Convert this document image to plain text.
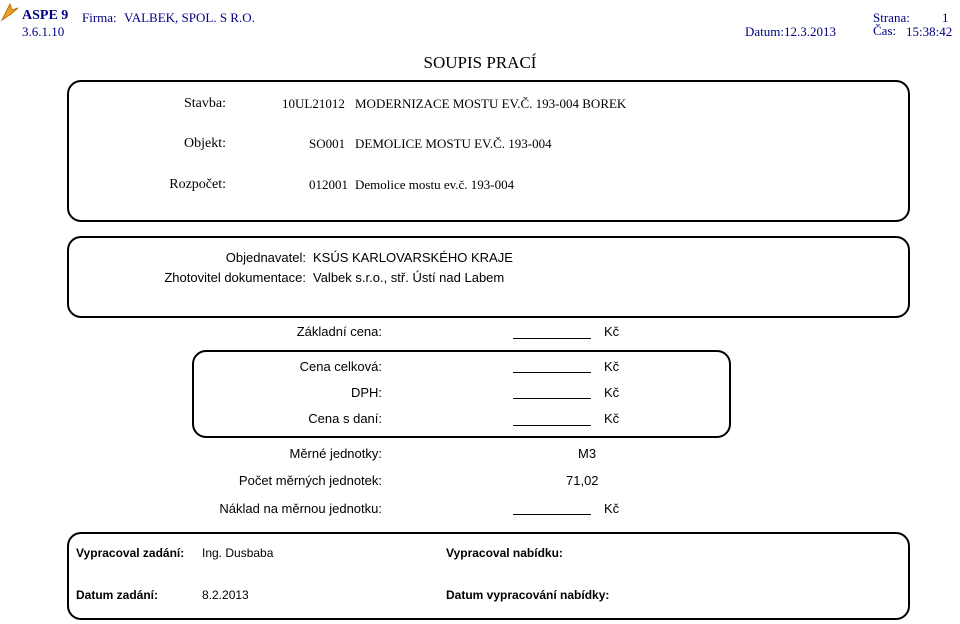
ASPE 9
3.6.1.10
Firma: VALBEK, SPOL. S R.O.	Strana: 1
Datum: 12.3.2013	Čas: 15:38:42
SOUPIS PRACÍ
Stavba:	10UL21012 MODERNIZACE MOSTU EV.Č. 193-004 BOREK
Objekt:	SO001 DEMOLICE MOSTU EV.Č. 193-004
Rozpočet:	012001 Demolice mostu ev.č. 193-004
Objednavatel: KSÚS KARLOVARSKÉHO KRAJE
Zhotovitel dokumentace: Valbek s.r.o., stř. Ústí nad Labem
Základní cena:	Kč
Cena celková:	Kč
DPH:	Kč
Cena s daní:	Kč
Měrné jednotky:	M3
Počet měrných jednotek:	71,02
Náklad na měrnou jednotku:	Kč
Vypracoval zadání: Ing. Dusbaba	Vypracoval nabídku:
Datum zadání:	8.2.2013	Datum vypracování nabídky:
